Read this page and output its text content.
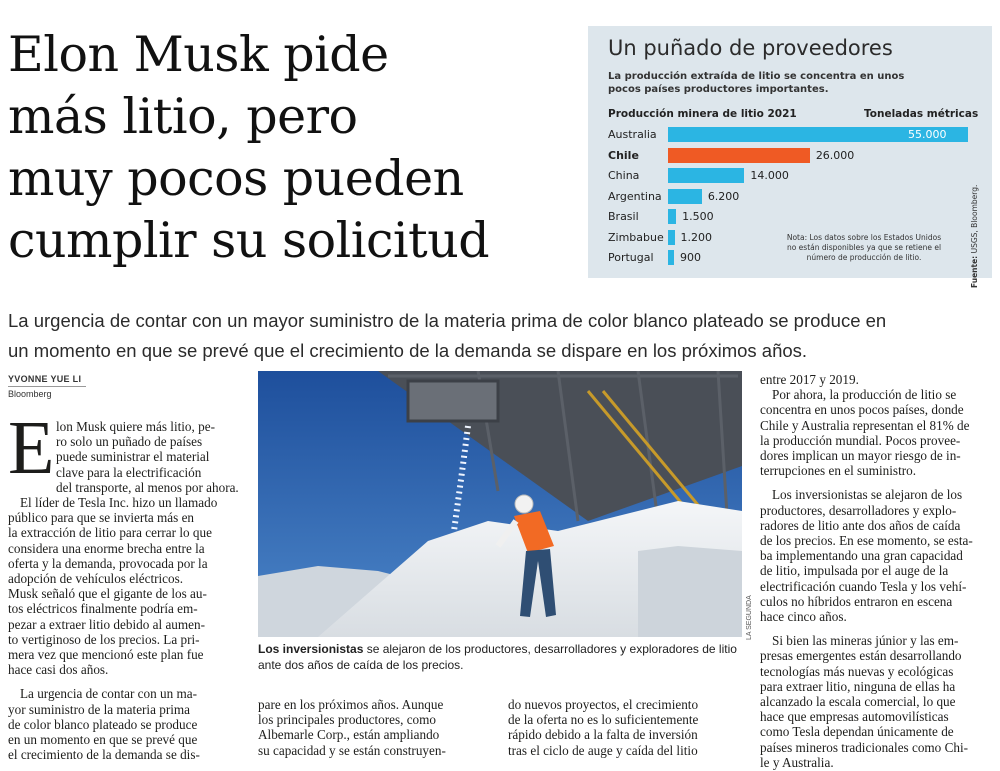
Elon Musk pide
más litio, pero
muy pocos pueden
cumplir su solicitud
Un puñado de proveedores
La producción extraída de litio se concentra en unos pocos países productores importantes.
Producción minera de litio 2021	Toneladas métricas
Australia	55.000
Chile	26.000
China	14.000
Argentina	6.200
Brasil	1.500
Zimbabue 1.200
Portugal 900
Nota: Los datos sobre los Estados Unidos no están disponibles ya que se retiene el número de producción de litio.	Fuente: USGS, Bloomberg.
La urgencia de contar con un mayor suministro de la materia prima de color blanco plateado se produce en
un momento en que se prevé que el crecimiento de la demanda se dispare en los próximos años.
YVONNE YUE LI
Bloomberg
E lon Musk quiere más litio, pe-
ro solo un puñado de países
puede suministrar el material
clave para la electrificación
del transporte, al menos por ahora.

El líder de Tesla Inc. hizo un llamado
público para que se invierta más en
la extracción de litio para cerrar lo que
considera una enorme brecha entre la
oferta y la demanda, provocada por la
adopción de vehículos eléctricos.
Musk señaló que el gigante de los au-
tos eléctricos finalmente podría em-
pezar a extraer litio debido al aumen-
to vertiginoso de los precios. La pri-
mera vez que mencionó este plan fue
hace casi dos años.

La urgencia de contar con un ma-
yor suministro de la materia prima
de color blanco plateado se produce
en un momento en que se prevé que
el crecimiento de la demanda se dis-

LA SEGUNDA
Los inversionistas se alejaron de los productores, desarrolladores y exploradores de litio ante dos años de caída de los precios.

pare en los próximos años. Aunque
los principales productores, como
Albemarle Corp., están ampliando
su capacidad y se están construyen-

do nuevos proyectos, el crecimiento
de la oferta no es lo suficientemente
rápido debido a la falta de inversión
tras el ciclo de auge y caída del litio

entre 2017 y 2019.

Por ahora, la producción de litio se
concentra en unos pocos países, donde
Chile y Australia representan el 81% de
la producción mundial. Pocos provee-
dores implican un mayor riesgo de in-
terrupciones en el suministro.

Los inversionistas se alejaron de los
productores, desarrolladores y explo-
radores de litio ante dos años de caída
de los precios. En ese momento, se esta-
ba implementando una gran capacidad
de litio, impulsada por el auge de la
electrificación cuando Tesla y los vehí-
culos no híbridos entraron en escena
hace cinco años.

Si bien las mineras júnior y las em-
presas emergentes están desarrollando
tecnologías más nuevas y ecológicas
para extraer litio, ninguna de ellas ha
alcanzado la escala comercial, lo que
hace que empresas automovilísticas
como Tesla dependan únicamente de
países mineros tradicionales como Chi-
le y Australia.
